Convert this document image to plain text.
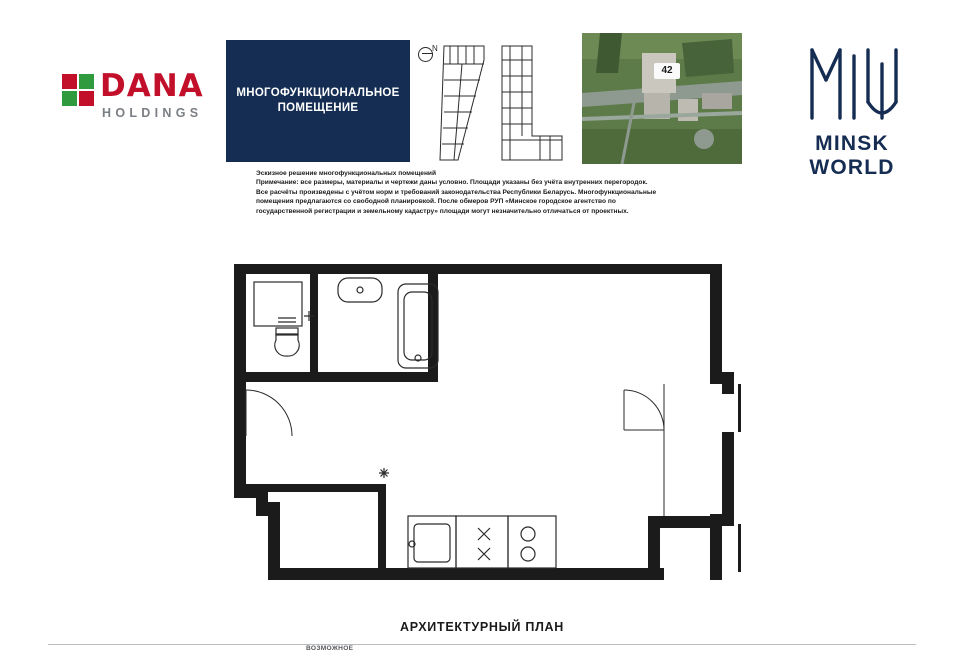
DANA
HOLDINGS
МНОГОФУНКЦИОНАЛЬНОЕ
ПОМЕЩЕНИЕ
N
42
MINSK WORLD

Эскизное решение многофункциональных помещений

Примечание: все размеры, материалы и чертежи даны условно. Площади указаны без учёта внутренних перегородок.

Все расчёты произведены с учётом норм и требований законодательства Республики Беларусь. Многофункциональные

помещения предлагаются со свободной планировкой. После обмеров РУП «Минское городское агентство по

государственной регистрации и земельному кадастру» площади могут незначительно отличаться от проектных.

АРХИТЕКТУРНЫЙ ПЛАН
ВОЗМОЖНОЕ
